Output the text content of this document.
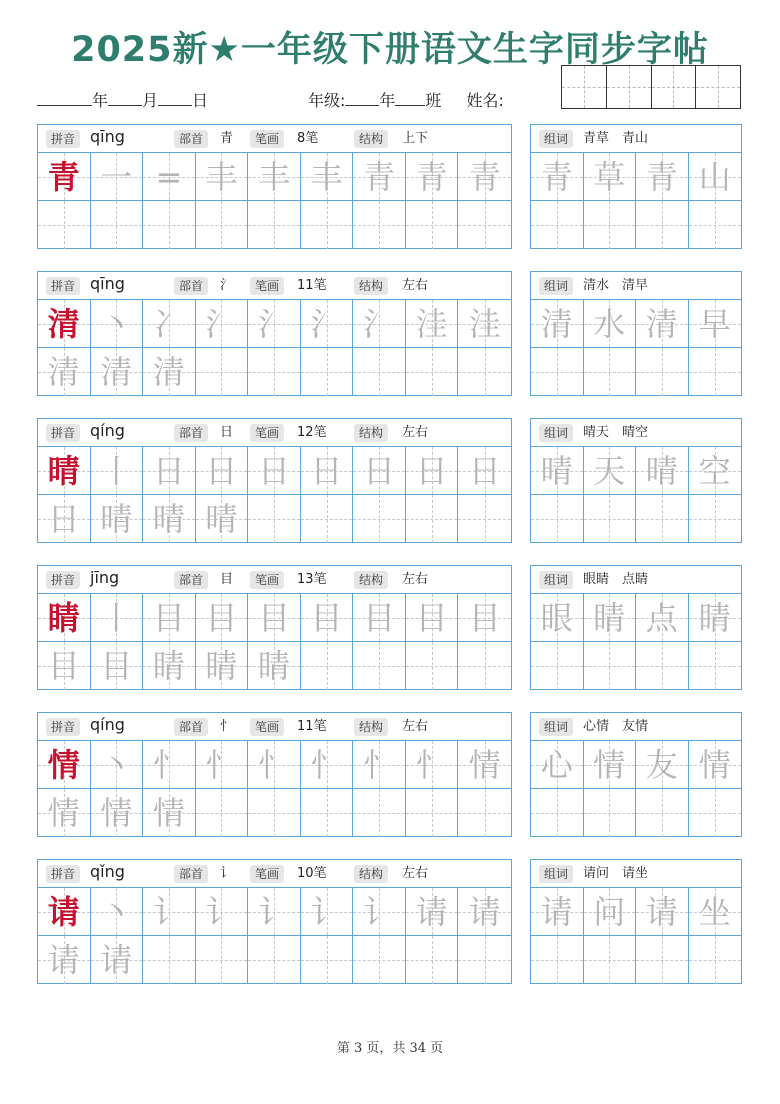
2025新★一年级下册语文生字同步字帖
年 月 日	年级: 年 班 姓名:
拼音 qīng	部首	青	笔画	8笔	结构	上下
青 一 = 丰 丰 丰 青 青 青
组词	青草　青山
青 草 青 山
拼音 qīng	部首	氵	笔画	11笔	结构	左右
清 丶 冫 氵 氵 氵 氵 洼 洼
清 清 清
组词	清水　清早
清 水 清 早
拼音 qíng	部首	日	笔画	12笔	结构	左右
晴 丨 日 日 日 日 日 日 日
日 晴 晴 晴
组词	晴天　晴空
晴 天 晴 空
拼音 jīng	部首	目	笔画	13笔	结构	左右
睛 丨 目 目 目 目 目 目 目
目 目 睛 睛 睛
组词	眼睛　点睛
眼 睛 点 睛
拼音 qíng	部首	忄	笔画	11笔	结构	左右
情 丶 忄 忄 忄 忄 忄 忄 情
情 情 情
组词	心情　友情
心 情 友 情
拼音 qǐng	部首	讠	笔画	10笔	结构	左右
请 丶 讠 讠 讠 讠 讠 请 请
请 请
组词	请问　请坐
请 问 请 坐
第 3 页，共 34 页
